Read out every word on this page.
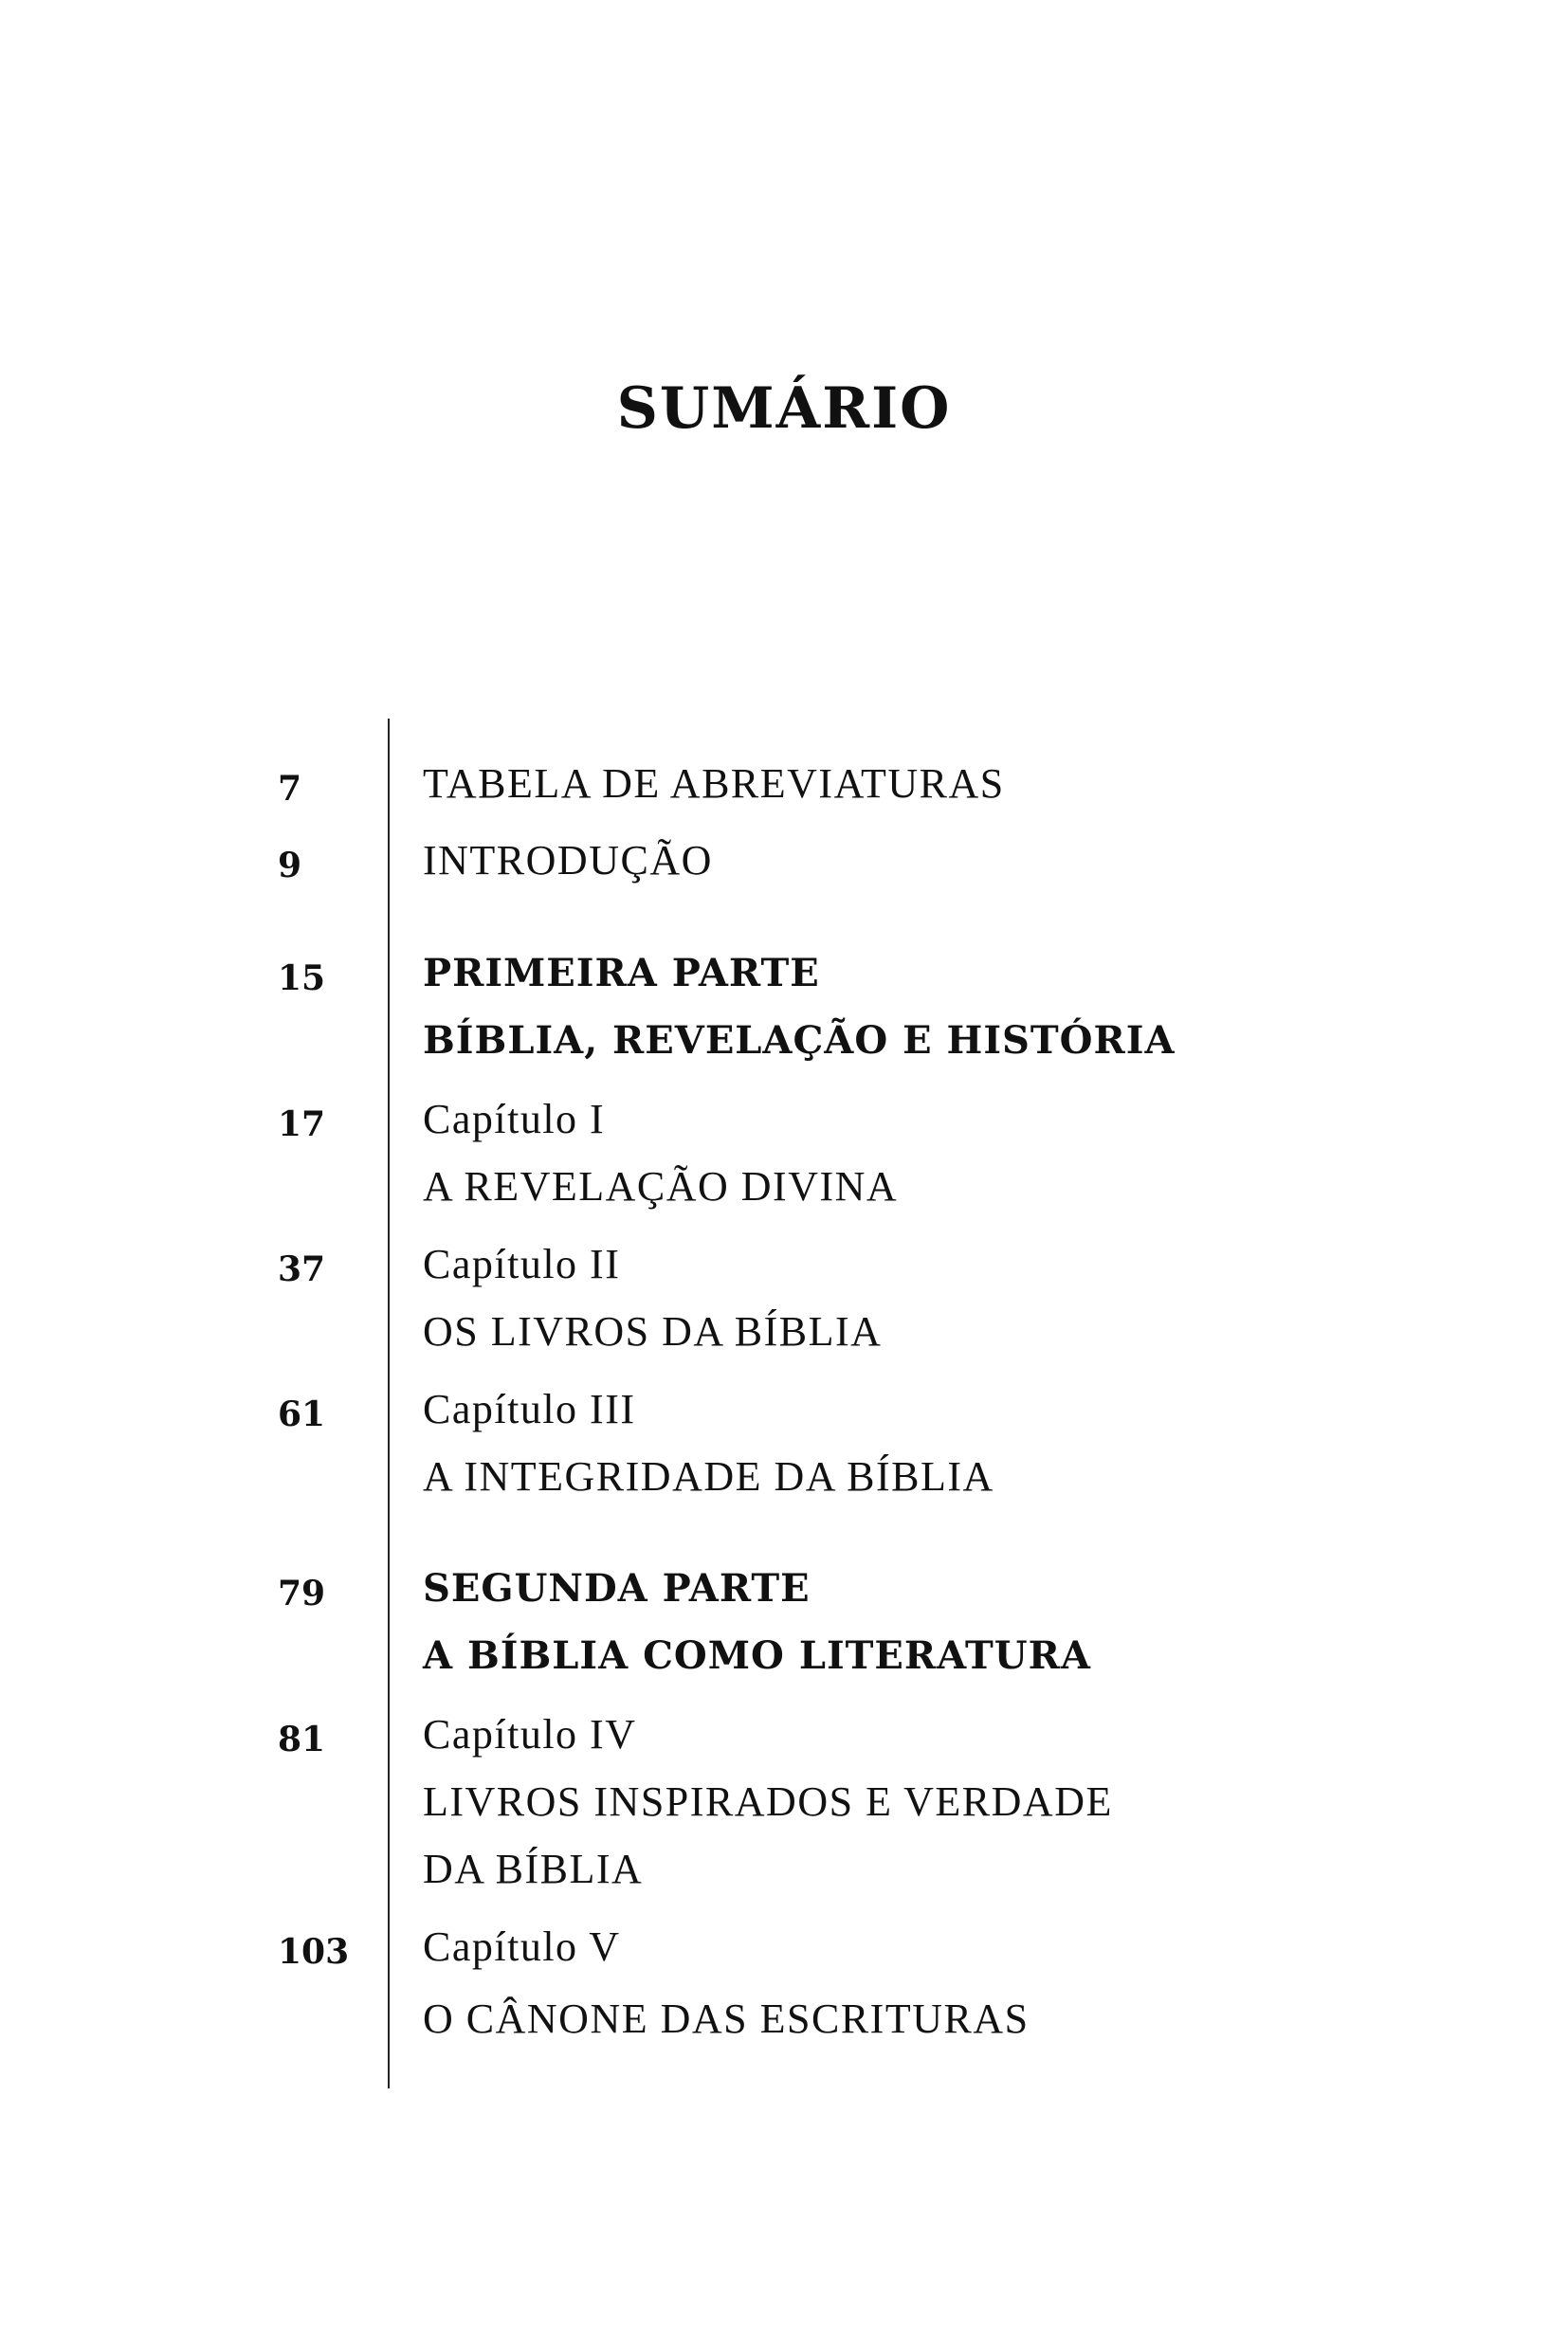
SUMÁRIO
7	TABELA DE ABREVIATURAS
9	INTRODUÇÃO
15	PRIMEIRA PARTE
BÍBLIA, REVELAÇÃO E HISTÓRIA
17	Capítulo I
A REVELAÇÃO DIVINA
37	Capítulo II
OS LIVROS DA BÍBLIA
61	Capítulo III
A INTEGRIDADE DA BÍBLIA
79	SEGUNDA PARTE
A BÍBLIA COMO LITERATURA
81	Capítulo IV
LIVROS INSPIRADOS E VERDADE
DA BÍBLIA
103	Capítulo V
O CÂNONE DAS ESCRITURAS
